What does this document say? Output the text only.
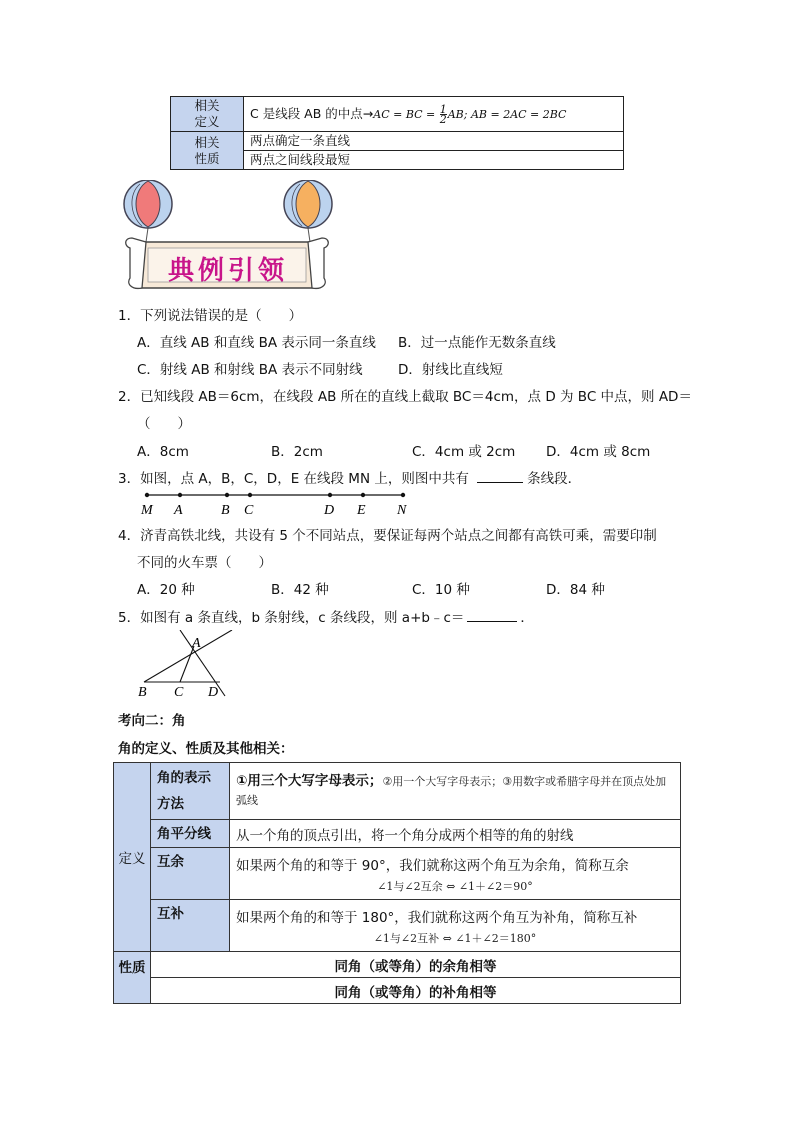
相关
定义	C 是线段 AB 的中点→AC = BC = $\frac{1}{2}$ AB; AB = 2AC = 2BC
相关
性质	两点确定一条直线
	两点之间线段最短
典例引领
1．下列说法错误的是（　　）
A．直线 AB 和直线 BA 表示同一条直线 B．过一点能作无数条直线
C．射线 AB 和射线 BA 表示不同射线	D．射线比直线短
2．已知线段 AB＝6cm，在线段 AB 所在的直线上截取 BC＝4cm，点 D 为 BC 中点，则 AD＝
（　　）
A．8cm	B．2cm	C．4cm 或 2cm D．4cm 或 8cm
3．如图，点 A，B，C，D，E 在线段 MN 上，则图中共有	条线段．
M A	B C	D E N
4．济青高铁北线，共设有 5 个不同站点，要保证每两个站点之间都有高铁可乘，需要印制
不同的火车票（　　）
A．20 种	B．42 种	C．10 种	D．84 种
5．如图有 a 条直线，b 条射线，c 条线段，则 a+b﹣c＝	．
A
B C D
考向二：角
角的定义、性质及其他相关：
定义	角的表示方法	①用三个大写字母表示；②用一个大写字母表示；③用数字或希腊字母并在顶点处加弧线
	角平分线	从一个角的顶点引出，将一个角分成两个相等的角的射线
	互余	如果两个角的和等于 90°，我们就称这两个角互为余角，简称互余
∠1与∠2互余 ⇔ ∠1＋∠2＝90°

	互补	如果两个角的和等于 180°，我们就称这两个角互为补角，简称互补
∠1与∠2互补 ⇔ ∠1＋∠2＝180°

性质	同角（或等角）的余角相等	
	同角（或等角）的补角相等	
